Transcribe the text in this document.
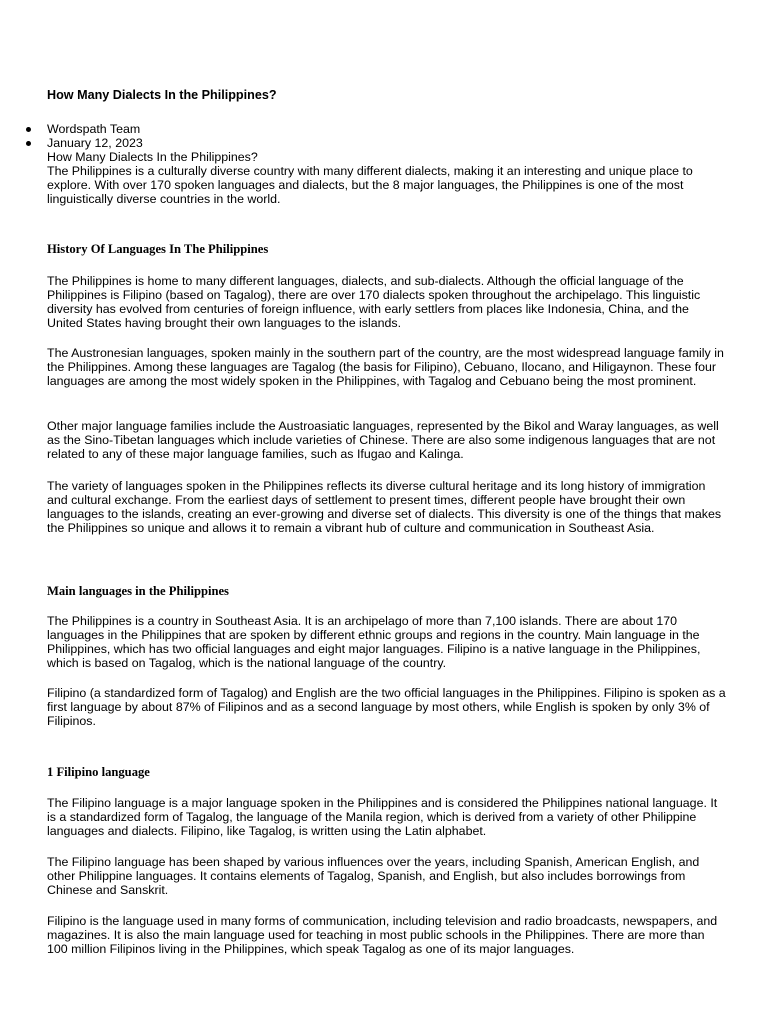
How Many Dialects In the Philippines?
Wordspath Team
January 12, 2023

How Many Dialects In the Philippines?

The Philippines is a culturally diverse country with many different dialects, making it an interesting and unique place to explore. With over 170 spoken languages and dialects, but the 8 major languages, the Philippines is one of the most linguistically diverse countries in the world.

History Of Languages In The Philippines

The Philippines is home to many different languages, dialects, and sub-dialects. Although the official language of the Philippines is Filipino (based on Tagalog), there are over 170 dialects spoken throughout the archipelago. This linguistic diversity has evolved from centuries of foreign influence, with early settlers from places like Indonesia, China, and the United States having brought their own languages to the islands.

The Austronesian languages, spoken mainly in the southern part of the country, are the most widespread language family in the Philippines. Among these languages are Tagalog (the basis for Filipino), Cebuano, Ilocano, and Hiligaynon. These four languages are among the most widely spoken in the Philippines, with Tagalog and Cebuano being the most prominent.

Other major language families include the Austroasiatic languages, represented by the Bikol and Waray languages, as well as the Sino-Tibetan languages which include varieties of Chinese. There are also some indigenous languages that are not related to any of these major language families, such as Ifugao and Kalinga.

The variety of languages spoken in the Philippines reflects its diverse cultural heritage and its long history of immigration and cultural exchange. From the earliest days of settlement to present times, different people have brought their own languages to the islands, creating an ever-growing and diverse set of dialects. This diversity is one of the things that makes the Philippines so unique and allows it to remain a vibrant hub of culture and communication in Southeast Asia.

Main languages in the Philippines

The Philippines is a country in Southeast Asia. It is an archipelago of more than 7,100 islands. There are about 170 languages in the Philippines that are spoken by different ethnic groups and regions in the country. Main language in the Philippines, which has two official languages and eight major languages. Filipino is a native language in the Philippines, which is based on Tagalog, which is the national language of the country.

Filipino (a standardized form of Tagalog) and English are the two official languages in the Philippines. Filipino is spoken as a first language by about 87% of Filipinos and as a second language by most others, while English is spoken by only 3% of Filipinos.

1 Filipino language

The Filipino language is a major language spoken in the Philippines and is considered the Philippines national language. It is a standardized form of Tagalog, the language of the Manila region, which is derived from a variety of other Philippine languages and dialects. Filipino, like Tagalog, is written using the Latin alphabet.

The Filipino language has been shaped by various influences over the years, including Spanish, American English, and other Philippine languages. It contains elements of Tagalog, Spanish, and English, but also includes borrowings from Chinese and Sanskrit.

Filipino is the language used in many forms of communication, including television and radio broadcasts, newspapers, and magazines. It is also the main language used for teaching in most public schools in the Philippines. There are more than 100 million Filipinos living in the Philippines, which speak Tagalog as one of its major languages.
